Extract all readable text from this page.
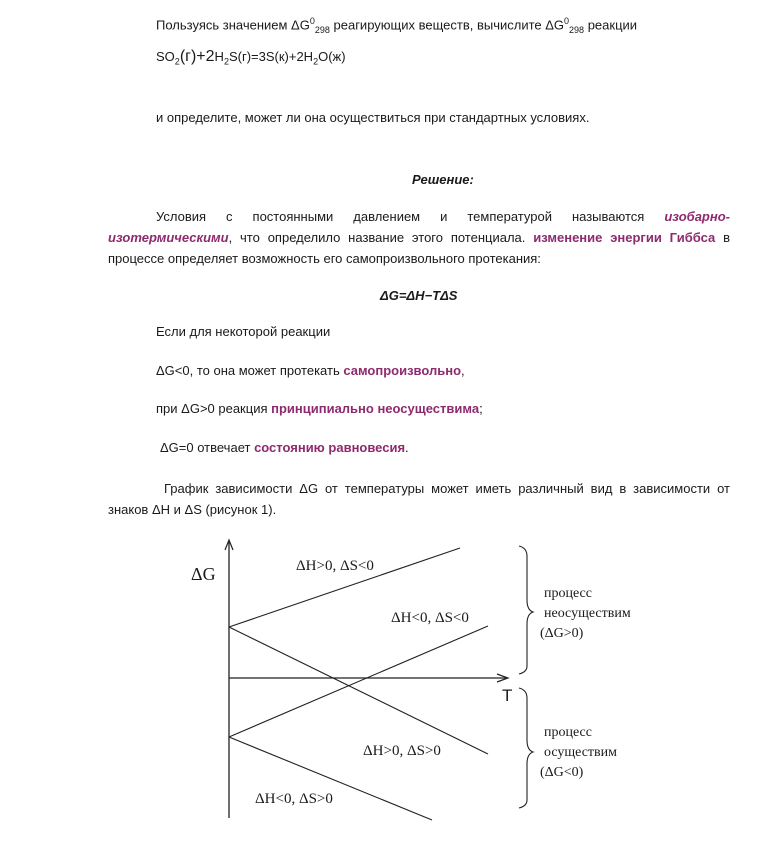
Пользуясь значением $\Delta G^0_{298}$ реагирующих веществ, вычислите $\Delta G^0_{298}$ реакции
$SO_2(г)+2H_2S(г)=3S(к)+2H_2O(ж)$
и определите, может ли она осуществиться при стандартных условиях.
Решение:
Условия с постоянными давлением и температурой называются изобарно-изотермическими, что определило название этого потенциала. изменение энергии Гиббса в процессе определяет возможность его самопроизвольного протекания:
ΔG=ΔH−TΔS
Если для некоторой реакции
ΔG<0, то она может протекать самопроизвольно,
при ΔG>0 реакция принципиально неосуществима;
ΔG=0 отвечает состоянию равновесия.
График зависимости ΔG от температуры может иметь различный вид в зависимости от знаков ΔH и ΔS (рисунок 1).
ΔG
T
ΔH>0, ΔS<0
ΔH<0, ΔS<0
ΔH>0, ΔS>0
ΔH<0, ΔS>0
процесс
неосуществим
(ΔG>0)
процесс
осуществим
(ΔG<0)
